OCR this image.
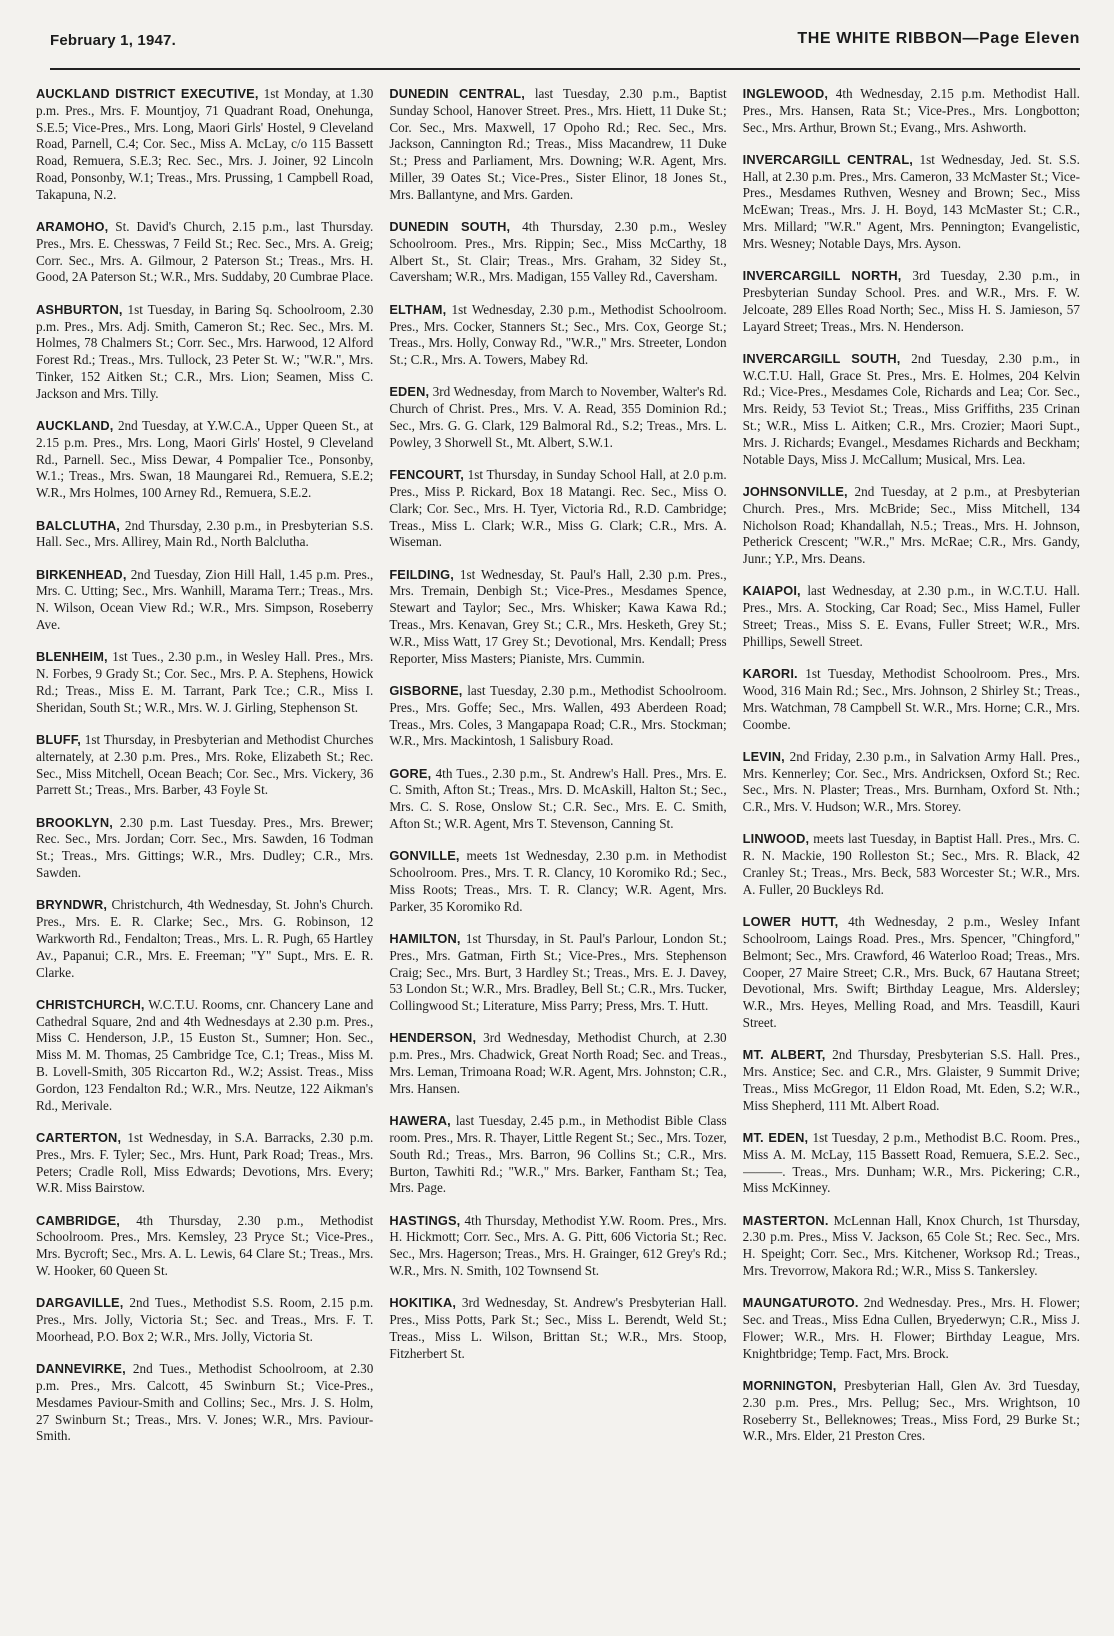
February 1, 1947.	THE WHITE RIBBON—Page Eleven

AUCKLAND DISTRICT EXECUTIVE, 1st Monday, at 1.30 p.m. Pres., Mrs. F. Mountjoy, 71 Quadrant Road, Onehunga, S.E.5; Vice-Pres., Mrs. Long, Maori Girls' Hostel, 9 Cleveland Road, Parnell, C.4; Cor. Sec., Miss A. McLay, c/o 115 Bassett Road, Remuera, S.E.3; Rec. Sec., Mrs. J. Joiner, 92 Lincoln Road, Ponsonby, W.1; Treas., Mrs. Prussing, 1 Campbell Road, Takapuna, N.2.

ARAMOHO, St. David's Church, 2.15 p.m., last Thursday. Pres., Mrs. E. Chesswas, 7 Feild St.; Rec. Sec., Mrs. A. Greig; Corr. Sec., Mrs. A. Gilmour, 2 Paterson St.; Treas., Mrs. H. Good, 2A Paterson St.; W.R., Mrs. Suddaby, 20 Cumbrae Place.

ASHBURTON, 1st Tuesday, in Baring Sq. Schoolroom, 2.30 p.m. Pres., Mrs. Adj. Smith, Cameron St.; Rec. Sec., Mrs. M. Holmes, 78 Chalmers St.; Corr. Sec., Mrs. Harwood, 12 Alford Forest Rd.; Treas., Mrs. Tullock, 23 Peter St. W.; "W.R.", Mrs. Tinker, 152 Aitken St.; C.R., Mrs. Lion; Seamen, Miss C. Jackson and Mrs. Tilly.

AUCKLAND, 2nd Tuesday, at Y.W.C.A., Upper Queen St., at 2.15 p.m. Pres., Mrs. Long, Maori Girls' Hostel, 9 Cleveland Rd., Parnell. Sec., Miss Dewar, 4 Pompalier Tce., Ponsonby, W.1.; Treas., Mrs. Swan, 18 Maungarei Rd., Remuera, S.E.2; W.R., Mrs Holmes, 100 Arney Rd., Remuera, S.E.2.

BALCLUTHA, 2nd Thursday, 2.30 p.m., in Presbyterian S.S. Hall. Sec., Mrs. Allirey, Main Rd., North Balclutha.

BIRKENHEAD, 2nd Tuesday, Zion Hill Hall, 1.45 p.m. Pres., Mrs. C. Utting; Sec., Mrs. Wanhill, Marama Terr.; Treas., Mrs. N. Wilson, Ocean View Rd.; W.R., Mrs. Simpson, Roseberry Ave.

BLENHEIM, 1st Tues., 2.30 p.m., in Wesley Hall. Pres., Mrs. N. Forbes, 9 Grady St.; Cor. Sec., Mrs. P. A. Stephens, Howick Rd.; Treas., Miss E. M. Tarrant, Park Tce.; C.R., Miss I. Sheridan, South St.; W.R., Mrs. W. J. Girling, Stephenson St.

BLUFF, 1st Thursday, in Presbyterian and Methodist Churches alternately, at 2.30 p.m. Pres., Mrs. Roke, Elizabeth St.; Rec. Sec., Miss Mitchell, Ocean Beach; Cor. Sec., Mrs. Vickery, 36 Parrett St.; Treas., Mrs. Barber, 43 Foyle St.

BROOKLYN, 2.30 p.m. Last Tuesday. Pres., Mrs. Brewer; Rec. Sec., Mrs. Jordan; Corr. Sec., Mrs. Sawden, 16 Todman St.; Treas., Mrs. Gittings; W.R., Mrs. Dudley; C.R., Mrs. Sawden.

BRYNDWR, Christchurch, 4th Wednesday, St. John's Church. Pres., Mrs. E. R. Clarke; Sec., Mrs. G. Robinson, 12 Warkworth Rd., Fendalton; Treas., Mrs. L. R. Pugh, 65 Hartley Av., Papanui; C.R., Mrs. E. Freeman; "Y" Supt., Mrs. E. R. Clarke.

CHRISTCHURCH, W.C.T.U. Rooms, cnr. Chancery Lane and Cathedral Square, 2nd and 4th Wednesdays at 2.30 p.m. Pres., Miss C. Henderson, J.P., 15 Euston St., Sumner; Hon. Sec., Miss M. M. Thomas, 25 Cambridge Tce, C.1; Treas., Miss M. B. Lovell-Smith, 305 Riccarton Rd., W.2; Assist. Treas., Miss Gordon, 123 Fendalton Rd.; W.R., Mrs. Neutze, 122 Aikman's Rd., Merivale.

CARTERTON, 1st Wednesday, in S.A. Barracks, 2.30 p.m. Pres., Mrs. F. Tyler; Sec., Mrs. Hunt, Park Road; Treas., Mrs. Peters; Cradle Roll, Miss Edwards; Devotions, Mrs. Every; W.R. Miss Bairstow.

CAMBRIDGE, 4th Thursday, 2.30 p.m., Methodist Schoolroom. Pres., Mrs. Kemsley, 23 Pryce St.; Vice-Pres., Mrs. Bycroft; Sec., Mrs. A. L. Lewis, 64 Clare St.; Treas., Mrs. W. Hooker, 60 Queen St.

DARGAVILLE, 2nd Tues., Methodist S.S. Room, 2.15 p.m. Pres., Mrs. Jolly, Victoria St.; Sec. and Treas., Mrs. F. T. Moorhead, P.O. Box 2; W.R., Mrs. Jolly, Victoria St.

DANNEVIRKE, 2nd Tues., Methodist Schoolroom, at 2.30 p.m. Pres., Mrs. Calcott, 45 Swinburn St.; Vice-Pres., Mesdames Paviour-Smith and Collins; Sec., Mrs. J. S. Holm, 27 Swinburn St.; Treas., Mrs. V. Jones; W.R., Mrs. Paviour-Smith.

DUNEDIN CENTRAL, last Tuesday, 2.30 p.m., Baptist Sunday School, Hanover Street. Pres., Mrs. Hiett, 11 Duke St.; Cor. Sec., Mrs. Maxwell, 17 Opoho Rd.; Rec. Sec., Mrs. Jackson, Cannington Rd.; Treas., Miss Macandrew, 11 Duke St.; Press and Parliament, Mrs. Downing; W.R. Agent, Mrs. Miller, 39 Oates St.; Vice-Pres., Sister Elinor, 18 Jones St., Mrs. Ballantyne, and Mrs. Garden.

DUNEDIN SOUTH, 4th Thursday, 2.30 p.m., Wesley Schoolroom. Pres., Mrs. Rippin; Sec., Miss McCarthy, 18 Albert St., St. Clair; Treas., Mrs. Graham, 32 Sidey St., Caversham; W.R., Mrs. Madigan, 155 Valley Rd., Caversham.

ELTHAM, 1st Wednesday, 2.30 p.m., Methodist Schoolroom. Pres., Mrs. Cocker, Stanners St.; Sec., Mrs. Cox, George St.; Treas., Mrs. Holly, Conway Rd., "W.R.," Mrs. Streeter, London St.; C.R., Mrs. A. Towers, Mabey Rd.

EDEN, 3rd Wednesday, from March to November, Walter's Rd. Church of Christ. Pres., Mrs. V. A. Read, 355 Dominion Rd.; Sec., Mrs. G. G. Clark, 129 Balmoral Rd., S.2; Treas., Mrs. L. Powley, 3 Shorwell St., Mt. Albert, S.W.1.

FENCOURT, 1st Thursday, in Sunday School Hall, at 2.0 p.m. Pres., Miss P. Rickard, Box 18 Matangi. Rec. Sec., Miss O. Clark; Cor. Sec., Mrs. H. Tyer, Victoria Rd., R.D. Cambridge; Treas., Miss L. Clark; W.R., Miss G. Clark; C.R., Mrs. A. Wiseman.

FEILDING, 1st Wednesday, St. Paul's Hall, 2.30 p.m. Pres., Mrs. Tremain, Denbigh St.; Vice-Pres., Mesdames Spence, Stewart and Taylor; Sec., Mrs. Whisker; Kawa Kawa Rd.; Treas., Mrs. Kenavan, Grey St.; C.R., Mrs. Hesketh, Grey St.; W.R., Miss Watt, 17 Grey St.; Devotional, Mrs. Kendall; Press Reporter, Miss Masters; Pianiste, Mrs. Cummin.

GISBORNE, last Tuesday, 2.30 p.m., Methodist Schoolroom. Pres., Mrs. Goffe; Sec., Mrs. Wallen, 493 Aberdeen Road; Treas., Mrs. Coles, 3 Mangapapa Road; C.R., Mrs. Stockman; W.R., Mrs. Mackintosh, 1 Salisbury Road.

GORE, 4th Tues., 2.30 p.m., St. Andrew's Hall. Pres., Mrs. E. C. Smith, Afton St.; Treas., Mrs. D. McAskill, Halton St.; Sec., Mrs. C. S. Rose, Onslow St.; C.R. Sec., Mrs. E. C. Smith, Afton St.; W.R. Agent, Mrs T. Stevenson, Canning St.

GONVILLE, meets 1st Wednesday, 2.30 p.m. in Methodist Schoolroom. Pres., Mrs. T. R. Clancy, 10 Koromiko Rd.; Sec., Miss Roots; Treas., Mrs. T. R. Clancy; W.R. Agent, Mrs. Parker, 35 Koromiko Rd.

HAMILTON, 1st Thursday, in St. Paul's Parlour, London St.; Pres., Mrs. Gatman, Firth St.; Vice-Pres., Mrs. Stephenson Craig; Sec., Mrs. Burt, 3 Hardley St.; Treas., Mrs. E. J. Davey, 53 London St.; W.R., Mrs. Bradley, Bell St.; C.R., Mrs. Tucker, Collingwood St.; Literature, Miss Parry; Press, Mrs. T. Hutt.

HENDERSON, 3rd Wednesday, Methodist Church, at 2.30 p.m. Pres., Mrs. Chadwick, Great North Road; Sec. and Treas., Mrs. Leman, Trimoana Road; W.R. Agent, Mrs. Johnston; C.R., Mrs. Hansen.

HAWERA, last Tuesday, 2.45 p.m., in Methodist Bible Class room. Pres., Mrs. R. Thayer, Little Regent St.; Sec., Mrs. Tozer, South Rd.; Treas., Mrs. Barron, 96 Collins St.; C.R., Mrs. Burton, Tawhiti Rd.; "W.R.," Mrs. Barker, Fantham St.; Tea, Mrs. Page.

HASTINGS, 4th Thursday, Methodist Y.W. Room. Pres., Mrs. H. Hickmott; Corr. Sec., Mrs. A. G. Pitt, 606 Victoria St.; Rec. Sec., Mrs. Hagerson; Treas., Mrs. H. Grainger, 612 Grey's Rd.; W.R., Mrs. N. Smith, 102 Townsend St.

HOKITIKA, 3rd Wednesday, St. Andrew's Presbyterian Hall. Pres., Miss Potts, Park St.; Sec., Miss L. Berendt, Weld St.; Treas., Miss L. Wilson, Brittan St.; W.R., Mrs. Stoop, Fitzherbert St.

INGLEWOOD, 4th Wednesday, 2.15 p.m. Methodist Hall. Pres., Mrs. Hansen, Rata St.; Vice-Pres., Mrs. Longbotton; Sec., Mrs. Arthur, Brown St.; Evang., Mrs. Ashworth.

INVERCARGILL CENTRAL, 1st Wednesday, Jed. St. S.S. Hall, at 2.30 p.m. Pres., Mrs. Cameron, 33 McMaster St.; Vice-Pres., Mesdames Ruthven, Wesney and Brown; Sec., Miss McEwan; Treas., Mrs. J. H. Boyd, 143 McMaster St.; C.R., Mrs. Millard; "W.R." Agent, Mrs. Pennington; Evangelistic, Mrs. Wesney; Notable Days, Mrs. Ayson.

INVERCARGILL NORTH, 3rd Tuesday, 2.30 p.m., in Presbyterian Sunday School. Pres. and W.R., Mrs. F. W. Jelcoate, 289 Elles Road North; Sec., Miss H. S. Jamieson, 57 Layard Street; Treas., Mrs. N. Henderson.

INVERCARGILL SOUTH, 2nd Tuesday, 2.30 p.m., in W.C.T.U. Hall, Grace St. Pres., Mrs. E. Holmes, 204 Kelvin Rd.; Vice-Pres., Mesdames Cole, Richards and Lea; Cor. Sec., Mrs. Reidy, 53 Teviot St.; Treas., Miss Griffiths, 235 Crinan St.; W.R., Miss L. Aitken; C.R., Mrs. Crozier; Maori Supt., Mrs. J. Richards; Evangel., Mesdames Richards and Beckham; Notable Days, Miss J. McCallum; Musical, Mrs. Lea.

JOHNSONVILLE, 2nd Tuesday, at 2 p.m., at Presbyterian Church. Pres., Mrs. McBride; Sec., Miss Mitchell, 134 Nicholson Road; Khandallah, N.5.; Treas., Mrs. H. Johnson, Petherick Crescent; "W.R.," Mrs. McRae; C.R., Mrs. Gandy, Junr.; Y.P., Mrs. Deans.

KAIAPOI, last Wednesday, at 2.30 p.m., in W.C.T.U. Hall. Pres., Mrs. A. Stocking, Car Road; Sec., Miss Hamel, Fuller Street; Treas., Miss S. E. Evans, Fuller Street; W.R., Mrs. Phillips, Sewell Street.

KARORI. 1st Tuesday, Methodist Schoolroom. Pres., Mrs. Wood, 316 Main Rd.; Sec., Mrs. Johnson, 2 Shirley St.; Treas., Mrs. Watchman, 78 Campbell St. W.R., Mrs. Horne; C.R., Mrs. Coombe.

LEVIN, 2nd Friday, 2.30 p.m., in Salvation Army Hall. Pres., Mrs. Kennerley; Cor. Sec., Mrs. Andricksen, Oxford St.; Rec. Sec., Mrs. N. Plaster; Treas., Mrs. Burnham, Oxford St. Nth.; C.R., Mrs. V. Hudson; W.R., Mrs. Storey.

LINWOOD, meets last Tuesday, in Baptist Hall. Pres., Mrs. C. R. N. Mackie, 190 Rolleston St.; Sec., Mrs. R. Black, 42 Cranley St.; Treas., Mrs. Beck, 583 Worcester St.; W.R., Mrs. A. Fuller, 20 Buckleys Rd.

LOWER HUTT, 4th Wednesday, 2 p.m., Wesley Infant Schoolroom, Laings Road. Pres., Mrs. Spencer, "Chingford," Belmont; Sec., Mrs. Crawford, 46 Waterloo Road; Treas., Mrs. Cooper, 27 Maire Street; C.R., Mrs. Buck, 67 Hautana Street; Devotional, Mrs. Swift; Birthday League, Mrs. Aldersley; W.R., Mrs. Heyes, Melling Road, and Mrs. Teasdill, Kauri Street.

MT. ALBERT, 2nd Thursday, Presbyterian S.S. Hall. Pres., Mrs. Anstice; Sec. and C.R., Mrs. Glaister, 9 Summit Drive; Treas., Miss McGregor, 11 Eldon Road, Mt. Eden, S.2; W.R., Miss Shepherd, 111 Mt. Albert Road.

MT. EDEN, 1st Tuesday, 2 p.m., Methodist B.C. Room. Pres., Miss A. M. McLay, 115 Bassett Road, Remuera, S.E.2. Sec., ———. Treas., Mrs. Dunham; W.R., Mrs. Pickering; C.R., Miss McKinney.

MASTERTON. McLennan Hall, Knox Church, 1st Thursday, 2.30 p.m. Pres., Miss V. Jackson, 65 Cole St.; Rec. Sec., Mrs. H. Speight; Corr. Sec., Mrs. Kitchener, Worksop Rd.; Treas., Mrs. Trevorrow, Makora Rd.; W.R., Miss S. Tankersley.

MAUNGATUROTO. 2nd Wednesday. Pres., Mrs. H. Flower; Sec. and Treas., Miss Edna Cullen, Bryederwyn; C.R., Miss J. Flower; W.R., Mrs. H. Flower; Birthday League, Mrs. Knightbridge; Temp. Fact, Mrs. Brock.

MORNINGTON, Presbyterian Hall, Glen Av. 3rd Tuesday, 2.30 p.m. Pres., Mrs. Pellug; Sec., Mrs. Wrightson, 10 Roseberry St., Belleknowes; Treas., Miss Ford, 29 Burke St.; W.R., Mrs. Elder, 21 Preston Cres.
